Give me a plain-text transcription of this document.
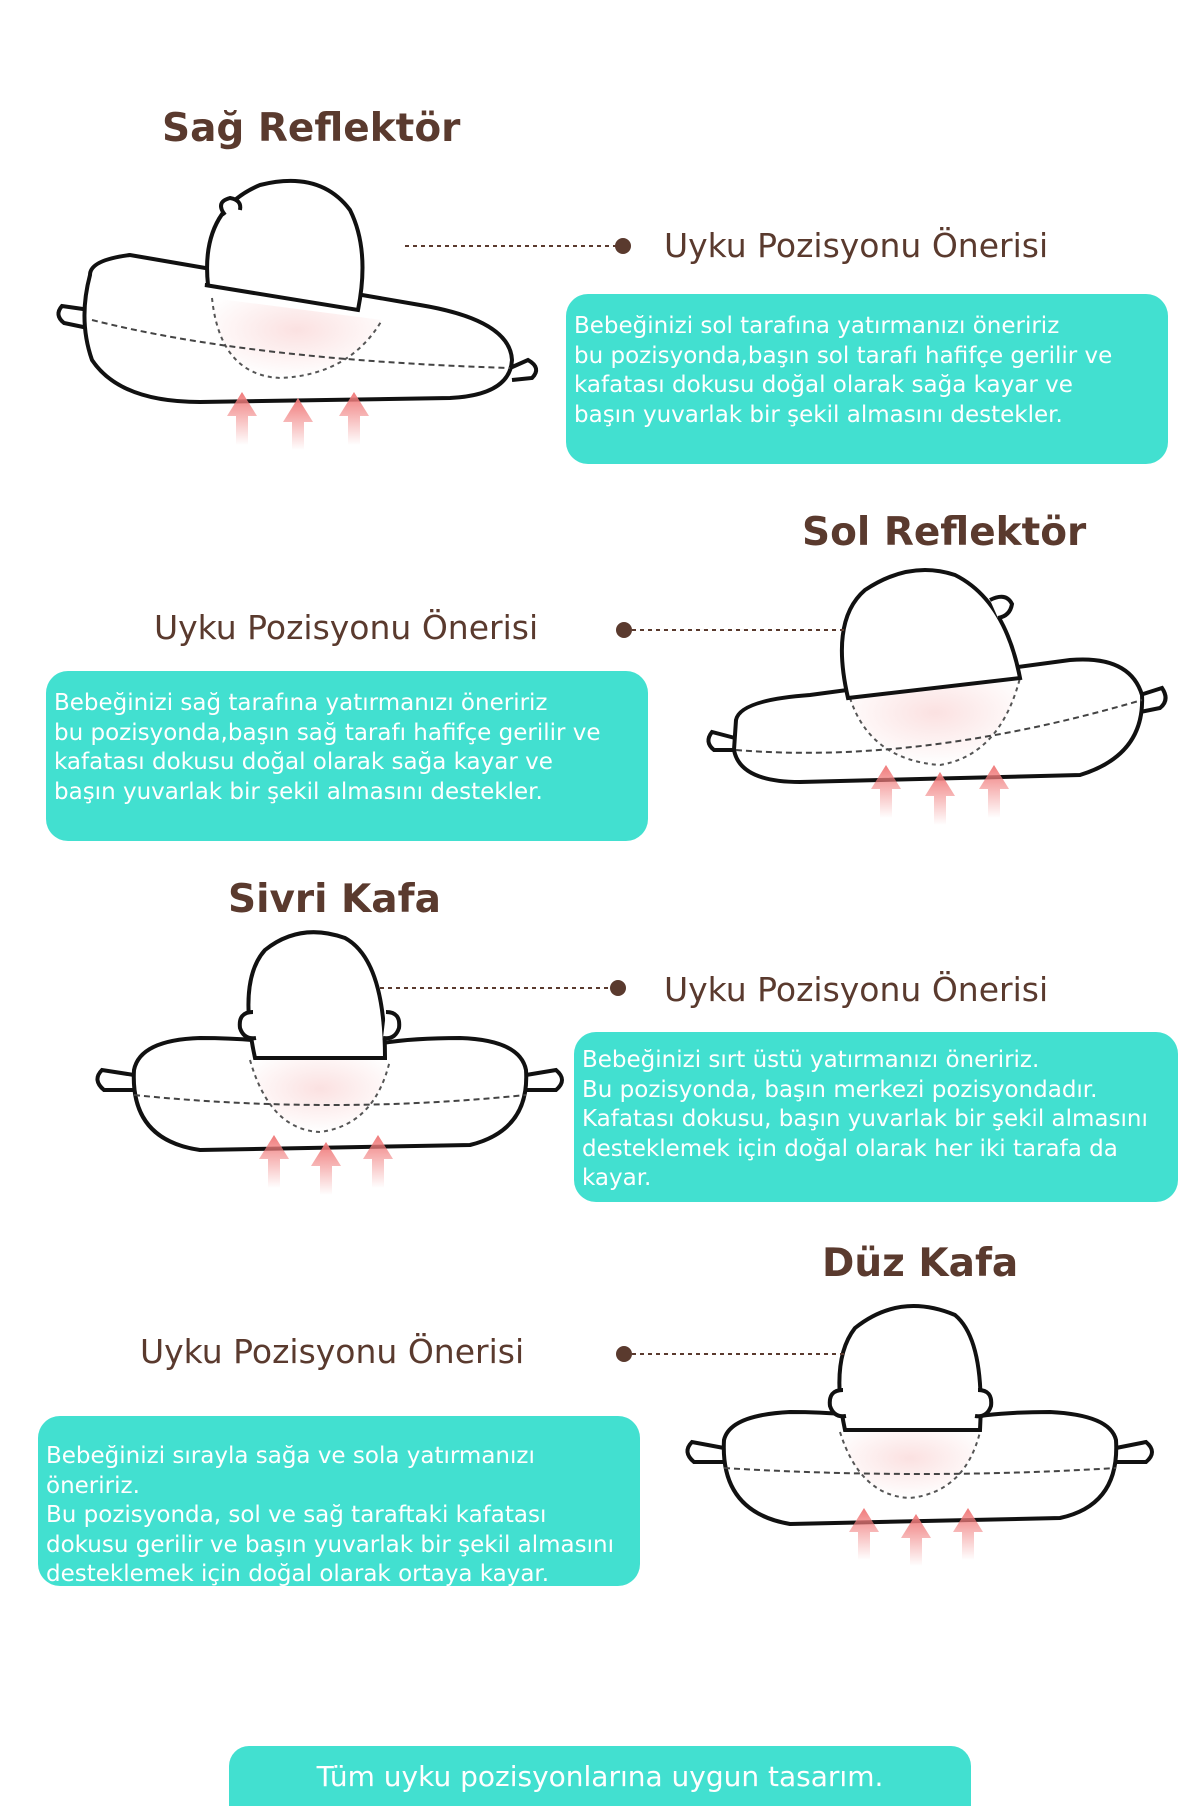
Sağ Reflektör

Uyku Pozisyonu Önerisi

Bebeğinizi sol tarafına yatırmanızı öneririz
bu pozisyonda,başın sol tarafı hafifçe gerilir ve
kafatası dokusu doğal olarak sağa kayar ve
başın yuvarlak bir şekil almasını destekler.
Sol Reflektör

Uyku Pozisyonu Önerisi

Bebeğinizi sağ tarafına yatırmanızı öneririz
bu pozisyonda,başın sağ tarafı hafifçe gerilir ve
kafatası dokusu doğal olarak sağa kayar ve
başın yuvarlak bir şekil almasını destekler.
Sivri Kafa

Uyku Pozisyonu Önerisi

Bebeğinizi sırt üstü yatırmanızı öneririz.
Bu pozisyonda, başın merkezi pozisyondadır.
Kafatası dokusu, başın yuvarlak bir şekil almasını
desteklemek için doğal olarak her iki tarafa da
kayar.
Düz Kafa

Uyku Pozisyonu Önerisi

Bebeğinizi sırayla sağa ve sola yatırmanızı öneririz.
Bu pozisyonda, sol ve sağ taraftaki kafatası
dokusu gerilir ve başın yuvarlak bir şekil almasını
desteklemek için doğal olarak ortaya kayar.
Tüm uyku pozisyonlarına uygun tasarım.
